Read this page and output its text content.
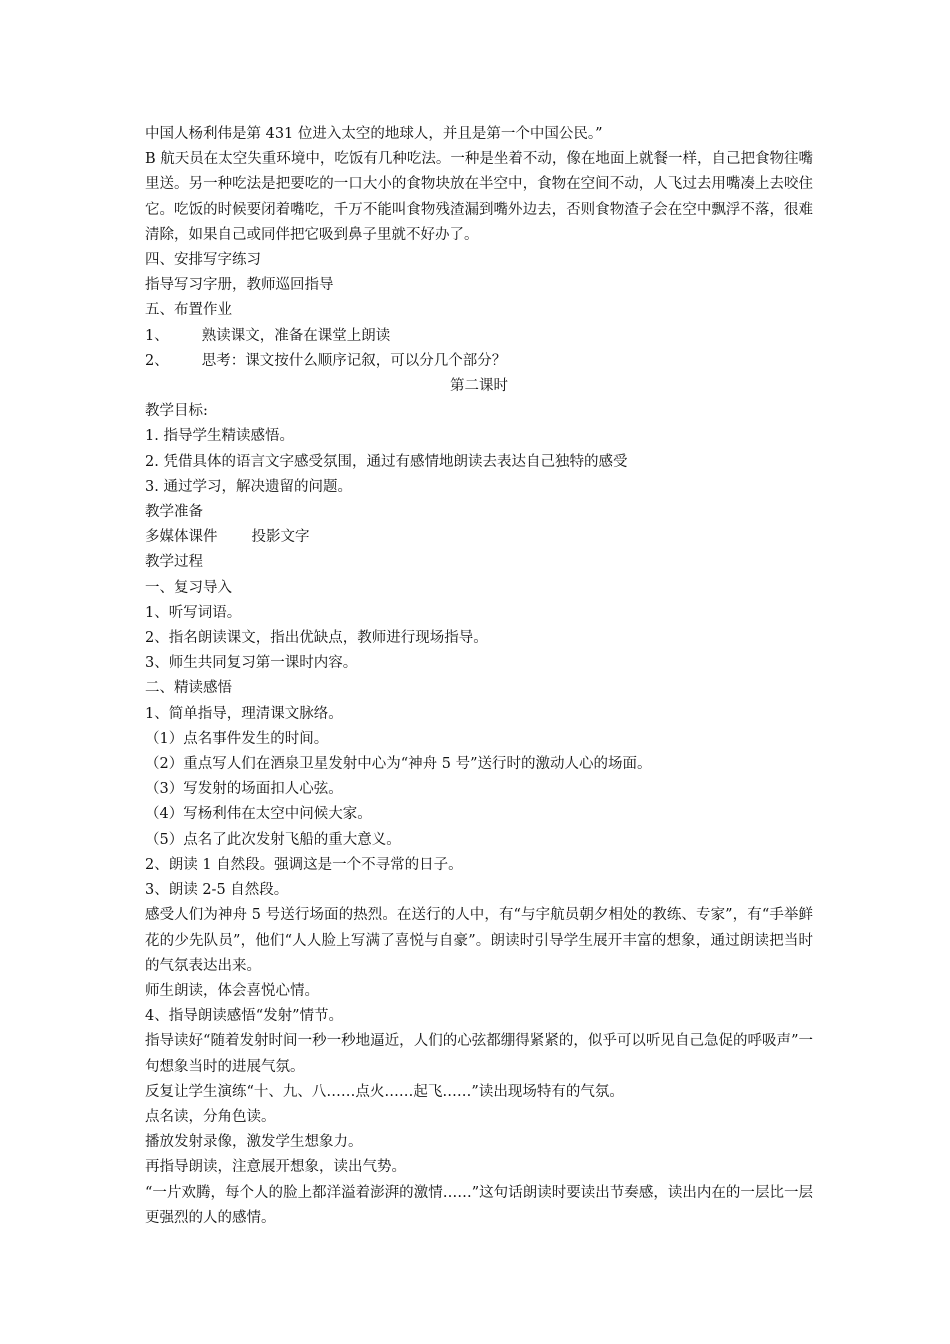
中国人杨利伟是第 431 位进入太空的地球人，并且是第一个中国公民。”
B 航天员在太空失重环境中，吃饭有几种吃法。一种是坐着不动，像在地面上就餐一样，自己把食物往嘴里送。另一种吃法是把要吃的一口大小的食物块放在半空中，食物在空间不动，人飞过去用嘴凑上去咬住它。吃饭的时候要闭着嘴吃，千万不能叫食物残渣漏到嘴外边去，否则食物渣子会在空中飘浮不落，很难清除，如果自己或同伴把它吸到鼻子里就不好办了。
四、安排写字练习
指导写习字册，教师巡回指导
五、布置作业
1、 熟读课文，准备在课堂上朗读
2、 思考：课文按什么顺序记叙，可以分几个部分？
第二课时
教学目标:
1. 指导学生精读感悟。
2. 凭借具体的语言文字感受氛围，通过有感情地朗读去表达自己独特的感受
3. 通过学习，解决遗留的问题。
教学准备
多媒体课件 投影文字
教学过程
一、复习导入
1、听写词语。
2、指名朗读课文，指出优缺点，教师进行现场指导。
3、师生共同复习第一课时内容。
二、精读感悟
1、简单指导，理清课文脉络。
（1）点名事件发生的时间。
（2）重点写人们在酒泉卫星发射中心为“神舟 5 号”送行时的激动人心的场面。
（3）写发射的场面扣人心弦。
（4）写杨利伟在太空中问候大家。
（5）点名了此次发射飞船的重大意义。
2、朗读 1 自然段。强调这是一个不寻常的日子。
3、朗读 2-5 自然段。
感受人们为神舟 5 号送行场面的热烈。在送行的人中，有“与宇航员朝夕相处的教练、专家”，有“手举鲜花的少先队员”，他们“人人脸上写满了喜悦与自豪”。朗读时引导学生展开丰富的想象，通过朗读把当时的气氛表达出来。
师生朗读，体会喜悦心情。
4、指导朗读感悟“发射”情节。
指导读好“随着发射时间一秒一秒地逼近，人们的心弦都绷得紧紧的，似乎可以听见自己急促的呼吸声”一句想象当时的进展气氛。
反复让学生演练“十、九、八……点火……起飞……”读出现场特有的气氛。
点名读，分角色读。
播放发射录像，激发学生想象力。
再指导朗读，注意展开想象，读出气势。
“一片欢腾，每个人的脸上都洋溢着澎湃的激情……”这句话朗读时要读出节奏感，读出内在的一层比一层更强烈的人的感情。
